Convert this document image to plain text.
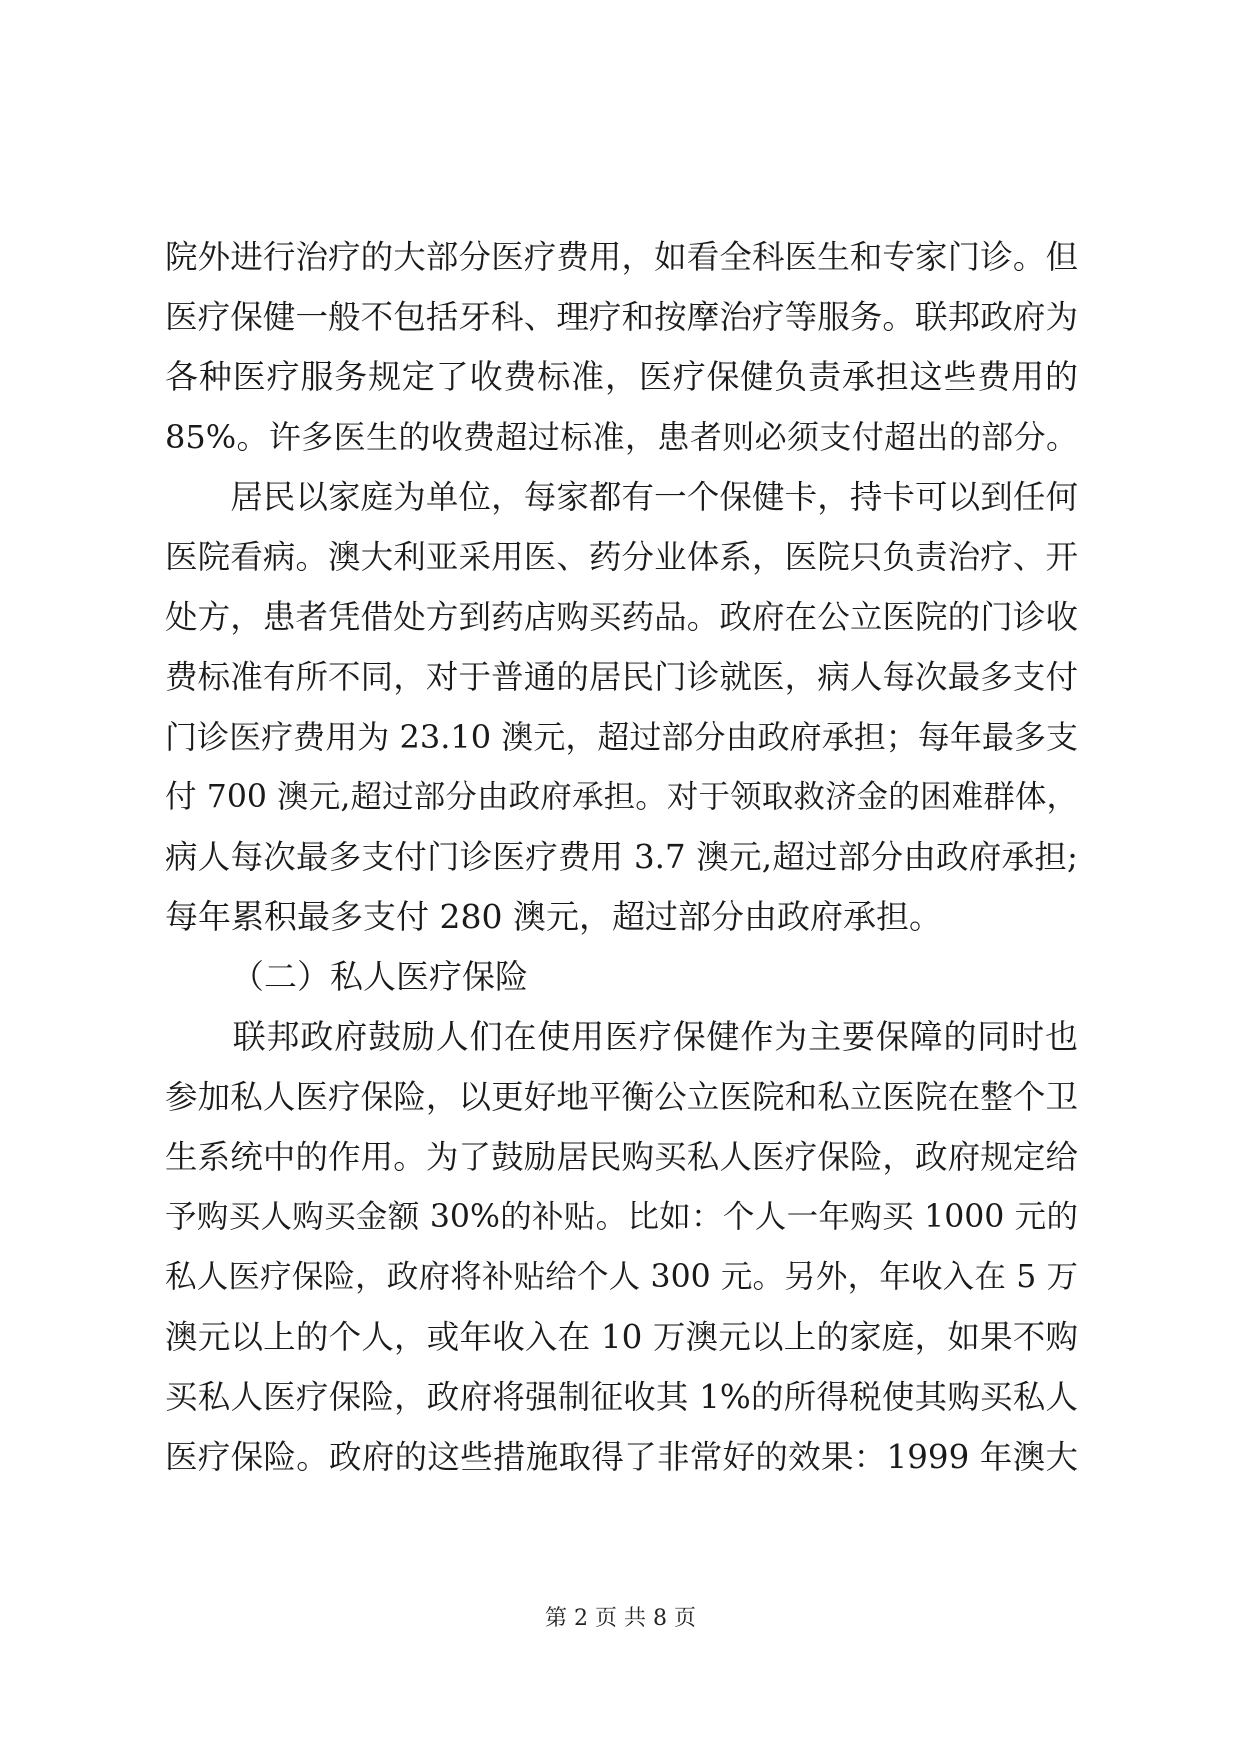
院外进行治疗的大部分医疗费用，如看全科医生和专家门诊。但
医疗保健一般不包括牙科、理疗和按摩治疗等服务。联邦政府为
各种医疗服务规定了收费标准，医疗保健负责承担这些费用的
85%。许多医生的收费超过标准，患者则必须支付超出的部分。
　　居民以家庭为单位，每家都有一个保健卡，持卡可以到任何
医院看病。澳大利亚采用医、药分业体系，医院只负责治疗、开
处方，患者凭借处方到药店购买药品。政府在公立医院的门诊收
费标准有所不同，对于普通的居民门诊就医，病人每次最多支付
门诊医疗费用为 23.10 澳元，超过部分由政府承担；每年最多支
付 700 澳元,超过部分由政府承担。对于领取救济金的困难群体，
病人每次最多支付门诊医疗费用 3.7 澳元,超过部分由政府承担;
每年累积最多支付 280 澳元，超过部分由政府承担。
（二）私人医疗保险
　　联邦政府鼓励人们在使用医疗保健作为主要保障的同时也
参加私人医疗保险，以更好地平衡公立医院和私立医院在整个卫
生系统中的作用。为了鼓励居民购买私人医疗保险，政府规定给
予购买人购买金额 30%的补贴。比如：个人一年购买 1000 元的
私人医疗保险，政府将补贴给个人 300 元。另外，年收入在 5 万
澳元以上的个人，或年收入在 10 万澳元以上的家庭，如果不购
买私人医疗保险，政府将强制征收其 1%的所得税使其购买私人
医疗保险。政府的这些措施取得了非常好的效果：1999 年澳大
第 2 页 共 8 页
